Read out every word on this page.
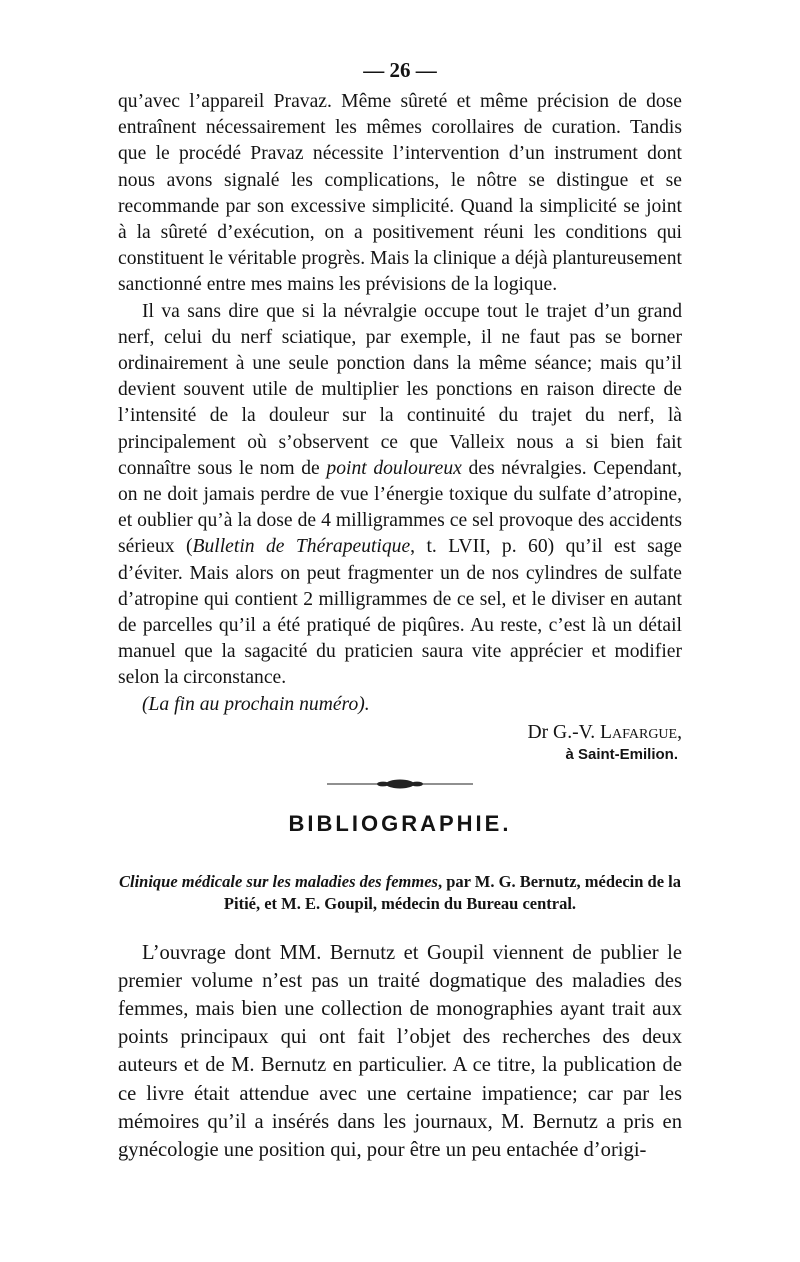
— 26 —

qu’avec l’appareil Pravaz. Même sûreté et même précision de dose entraînent nécessairement les mêmes corollaires de curation. Tandis que le procédé Pravaz nécessite l’intervention d’un instrument dont nous avons signalé les complications, le nôtre se distingue et se recommande par son excessive simplicité. Quand la simplicité se joint à la sûreté d’exécution, on a positivement réuni les conditions qui constituent le véritable progrès. Mais la clinique a déjà plantureusement sanctionné entre mes mains les prévisions de la logique.

Il va sans dire que si la névralgie occupe tout le trajet d’un grand nerf, celui du nerf sciatique, par exemple, il ne faut pas se borner ordinairement à une seule ponction dans la même séance; mais qu’il devient souvent utile de multiplier les ponctions en raison directe de l’intensité de la douleur sur la continuité du trajet du nerf, là principalement où s’observent ce que Valleix nous a si bien fait connaître sous le nom de point douloureux des névralgies. Cependant, on ne doit jamais perdre de vue l’énergie toxique du sulfate d’atropine, et oublier qu’à la dose de 4 milligrammes ce sel provoque des accidents sérieux (Bulletin de Thérapeutique, t. LVII, p. 60) qu’il est sage d’éviter. Mais alors on peut fragmenter un de nos cylindres de sulfate d’atropine qui contient 2 milligrammes de ce sel, et le diviser en autant de parcelles qu’il a été pratiqué de piqûres. Au reste, c’est là un détail manuel que la sagacité du praticien saura vite apprécier et modifier selon la circonstance.

(La fin au prochain numéro).

Dr G.-V. Lafargue,

à Saint-Emilion.

BIBLIOGRAPHIE.

Clinique médicale sur les maladies des femmes, par M. G. Bernutz, médecin de la Pitié, et M. E. Goupil, médecin du Bureau central.

L’ouvrage dont MM. Bernutz et Goupil viennent de publier le premier volume n’est pas un traité dogmatique des maladies des femmes, mais bien une collection de monographies ayant trait aux points principaux qui ont fait l’objet des recherches des deux auteurs et de M. Bernutz en particulier. A ce titre, la publication de ce livre était attendue avec une certaine impatience; car par les mémoires qu’il a insérés dans les journaux, M. Bernutz a pris en gynécologie une position qui, pour être un peu entachée d’origi-
